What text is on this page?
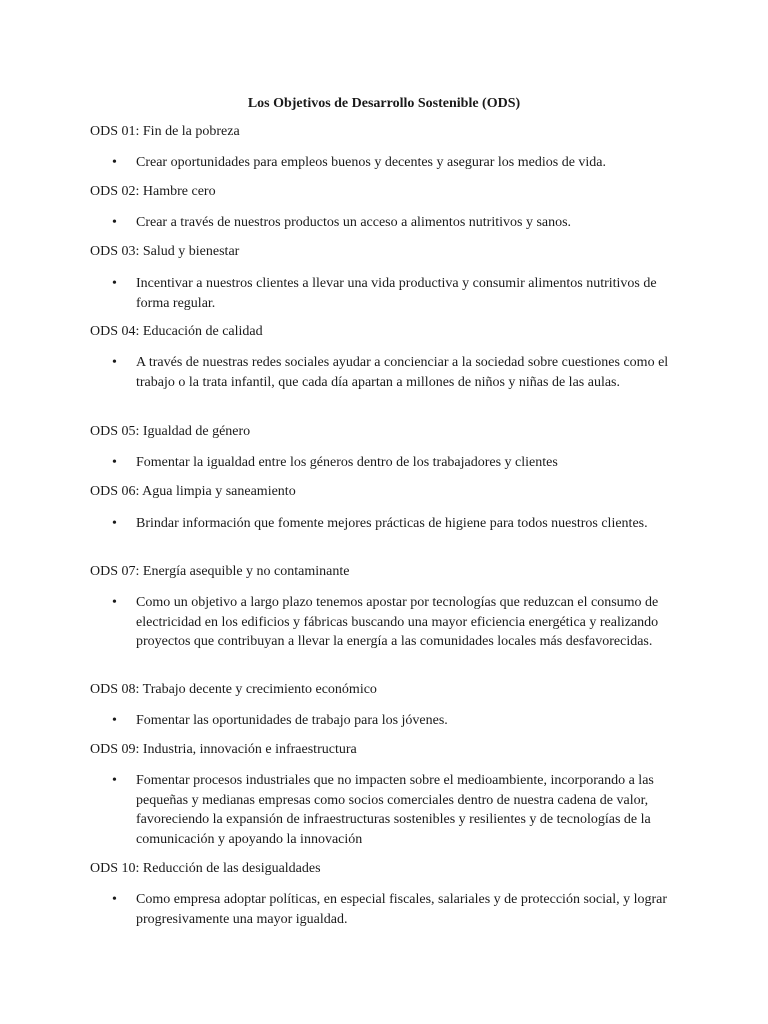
Los Objetivos de Desarrollo Sostenible (ODS)

ODS 01: Fin de la pobreza

•	Crear oportunidades para empleos buenos y decentes y asegurar los medios de vida.

ODS 02: Hambre cero

•	Crear a través de nuestros productos un acceso a alimentos nutritivos y sanos.

ODS 03: Salud y bienestar

•	Incentivar a nuestros clientes a llevar una vida productiva y consumir alimentos nutritivos de forma regular.

ODS 04: Educación de calidad

•	A través de nuestras redes sociales ayudar a concienciar a la sociedad sobre cuestiones como el trabajo o la trata infantil, que cada día apartan a millones de niños y niñas de las aulas.

ODS 05: Igualdad de género

•	Fomentar la igualdad entre los géneros dentro de los trabajadores y clientes

ODS 06: Agua limpia y saneamiento

•	Brindar información que fomente mejores prácticas de higiene para todos nuestros clientes.

ODS 07: Energía asequible y no contaminante

•	Como un objetivo a largo plazo tenemos apostar por tecnologías que reduzcan el consumo de electricidad en los edificios y fábricas buscando una mayor eficiencia energética y realizando proyectos que contribuyan a llevar la energía a las comunidades locales más desfavorecidas.

ODS 08: Trabajo decente y crecimiento económico

•	Fomentar las oportunidades de trabajo para los jóvenes.

ODS 09: Industria, innovación e infraestructura

•	Fomentar procesos industriales que no impacten sobre el medioambiente, incorporando a las pequeñas y medianas empresas como socios comerciales dentro de nuestra cadena de valor, favoreciendo la expansión de infraestructuras sostenibles y resilientes y de tecnologías de la comunicación y apoyando la innovación

ODS 10: Reducción de las desigualdades

•	Como empresa adoptar políticas, en especial fiscales, salariales y de protección social, y lograr progresivamente una mayor igualdad.
